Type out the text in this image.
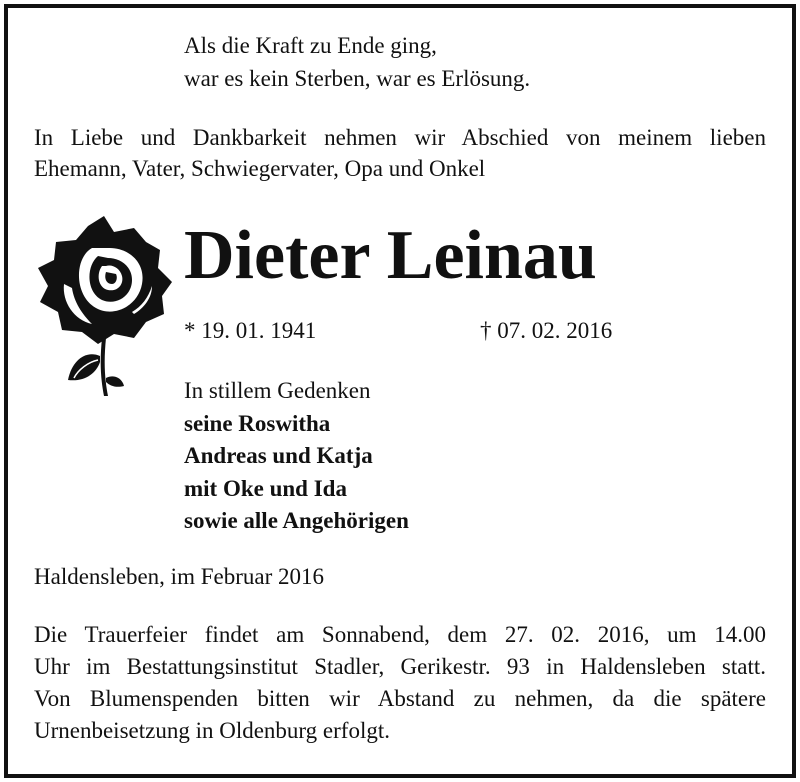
Als die Kraft zu Ende ging,
war es kein Sterben, war es Erlösung.
In Liebe und Dankbarkeit nehmen wir Abschied von meinem lieben
Ehemann, Vater, Schwiegervater, Opa und Onkel
Dieter Leinau
* 19. 01. 1941	† 07. 02. 2016
In stillem Gedenken
seine Roswitha
Andreas und Katja
mit Oke und Ida
sowie alle Angehörigen
Haldensleben, im Februar 2016
Die Trauerfeier findet am Sonnabend, dem 27. 02. 2016, um 14.00
Uhr im Bestattungsinstitut Stadler, Gerikestr. 93 in Haldensleben statt.
Von Blumenspenden bitten wir Abstand zu nehmen, da die spätere
Urnenbeisetzung in Oldenburg erfolgt.
